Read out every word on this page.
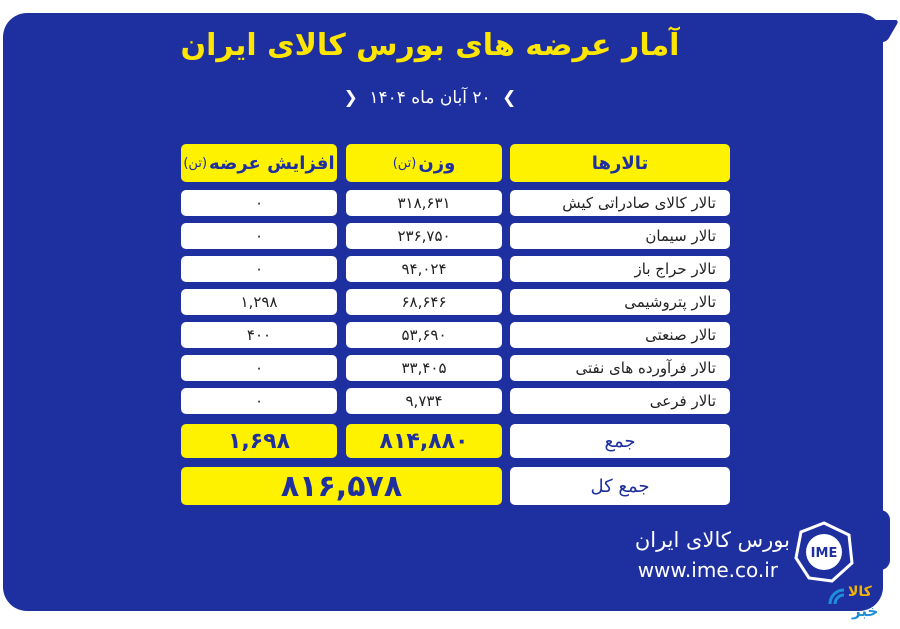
آمار عرضه های بورس کالای ایران
❯ ۲۰ آبان ماه ۱۴۰۴ ❮
تالارها
وزن
(تن)
افزایش عرضه
(تن)
تالار کالای صادراتی کیش
۳۱۸,۶۳۱
۰
تالار سیمان
۲۳۶,۷۵۰
۰
تالار حراج باز
۹۴,۰۲۴
۰
تالار پتروشیمی
۶۸,۶۴۶
۱,۲۹۸
تالار صنعتی
۵۳,۶۹۰
۴۰۰
تالار فرآورده های نفتی
۳۳,۴۰۵
۰
تالار فرعی
۹,۷۳۴
۰
جمع
۸۱۴,۸۸۰
۱,۶۹۸
جمع کل
۸۱۶,۵۷۸
بورس کالای ایران
www.ime.co.ir
IME
کالا
خبر
